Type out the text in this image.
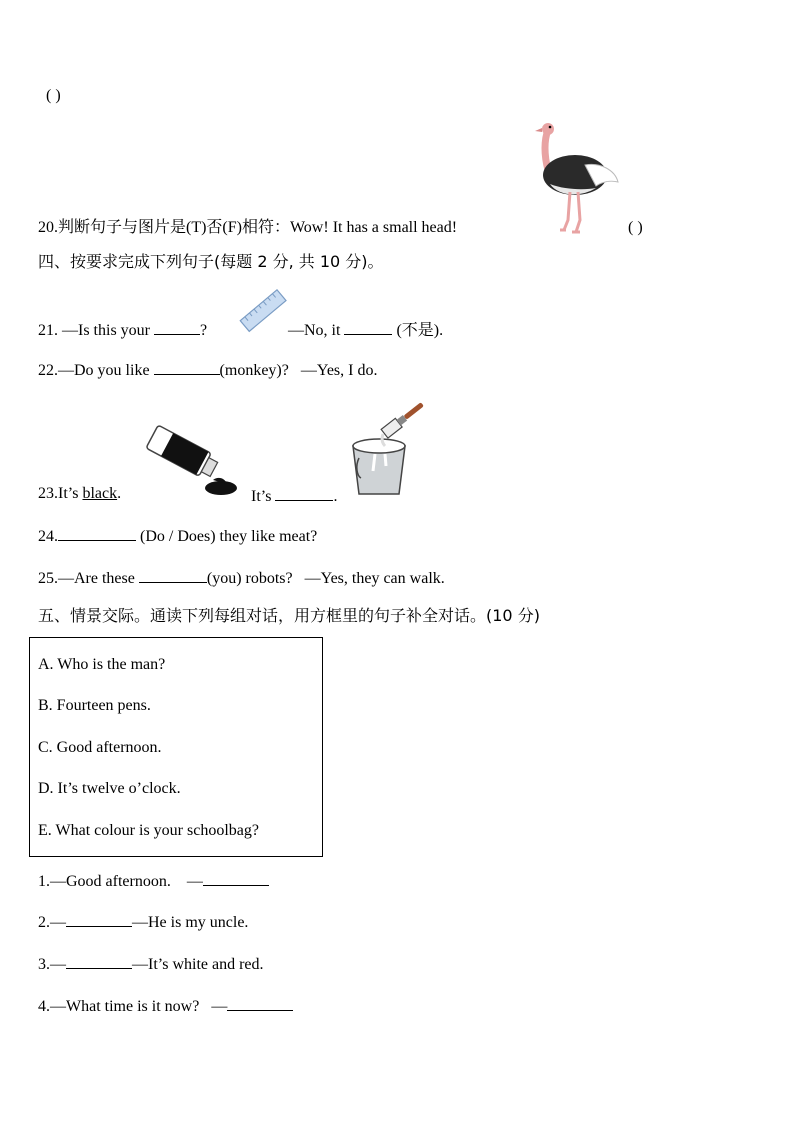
( )
20.判断句子与图片是(T)否(F)相符：Wow! It has a small head!	( )
四、按要求完成下列句子(每题 2 分, 共 10 分)。
21. —Is this your	?	—No, it	(不是).
22.—Do you like	(monkey)? —Yes, I do.
23.It’s black.	It’s	.
24.	(Do / Does) they like meat?
25.—Are these	(you) robots? —Yes, they can walk.
五、情景交际。通读下列每组对话，用方框里的句子补全对话。(10 分)
A. Who is the man?
B. Fourteen pens.
C. Good afternoon.
D. It’s twelve o’clock.
E. What colour is your schoolbag?
1.—Good afternoon. —
2.—	—He is my uncle.
3.—	—It’s white and red.
4.—What time is it now? —
